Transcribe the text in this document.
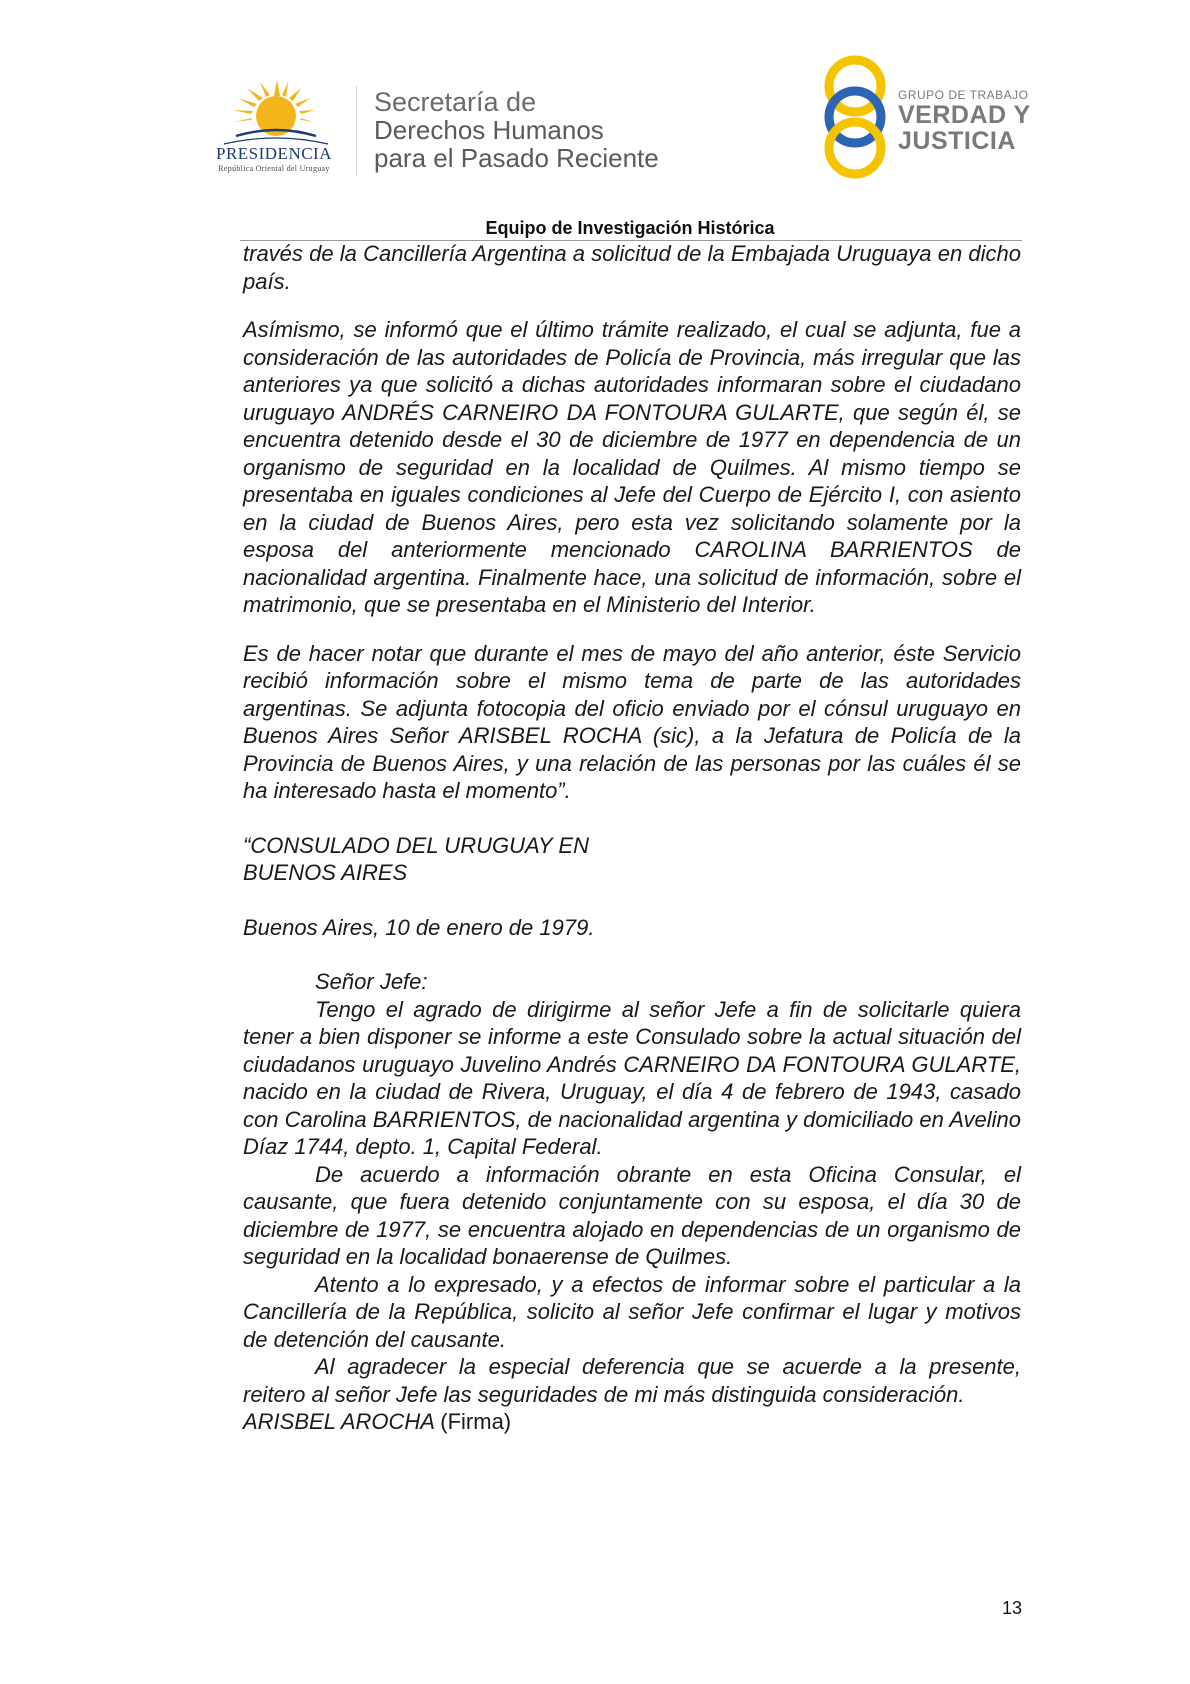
PRESIDENCIA
República Oriental del Uruguay
Secretaría de
Derechos Humanos
para el Pasado Reciente
GRUPO DE TRABAJO
VERDAD Y
JUSTICIA
Equipo de Investigación Histórica

través de la Cancillería Argentina a solicitud de la Embajada Uruguaya en dicho país.

Asímismo, se informó que el último trámite realizado, el cual se adjunta, fue a consideración de las autoridades de Policía de Provincia, más irregular que las anteriores ya que solicitó a dichas autoridades informaran sobre el ciudadano uruguayo ANDRÉS CARNEIRO DA FONTOURA GULARTE, que según él, se encuentra detenido desde el 30 de diciembre de 1977 en dependencia de un organismo de seguridad en la localidad de Quilmes. Al mismo tiempo se presentaba en iguales condiciones al Jefe del Cuerpo de Ejército I, con asiento en la ciudad de Buenos Aires, pero esta vez solicitando solamente por la esposa del anteriormente mencionado CAROLINA BARRIENTOS de nacionalidad argentina. Finalmente hace, una solicitud de información, sobre el matrimonio, que se presentaba en el Ministerio del Interior.

Es de hacer notar que durante el mes de mayo del año anterior, éste Servicio recibió información sobre el mismo tema de parte de las autoridades argentinas. Se adjunta fotocopia del oficio enviado por el cónsul uruguayo en Buenos Aires Señor ARISBEL ROCHA (sic), a la Jefatura de Policía de la Provincia de Buenos Aires, y una relación de las personas por las cuáles él se ha interesado hasta el momento”.

“CONSULADO DEL URUGUAY EN

BUENOS AIRES

Buenos Aires, 10 de enero de 1979.

Señor Jefe:

Tengo el agrado de dirigirme al señor Jefe a fin de solicitarle quiera tener a bien disponer se informe a este Consulado sobre la actual situación del ciudadanos uruguayo Juvelino Andrés CARNEIRO DA FONTOURA GULARTE, nacido en la ciudad de Rivera, Uruguay, el día 4 de febrero de 1943, casado con Carolina BARRIENTOS, de nacionalidad argentina y domiciliado en Avelino Díaz 1744, depto. 1, Capital Federal.

De acuerdo a información obrante en esta Oficina Consular, el causante, que fuera detenido conjuntamente con su esposa, el día 30 de diciembre de 1977, se encuentra alojado en dependencias de un organismo de seguridad en la localidad bonaerense de Quilmes.

Atento a lo expresado, y a efectos de informar sobre el particular a la Cancillería de la República, solicito al señor Jefe confirmar el lugar y motivos de detención del causante.

Al agradecer la especial deferencia que se acuerde a la presente, reitero al señor Jefe las seguridades de mi más distinguida consideración.

ARISBEL AROCHA (Firma)

13
